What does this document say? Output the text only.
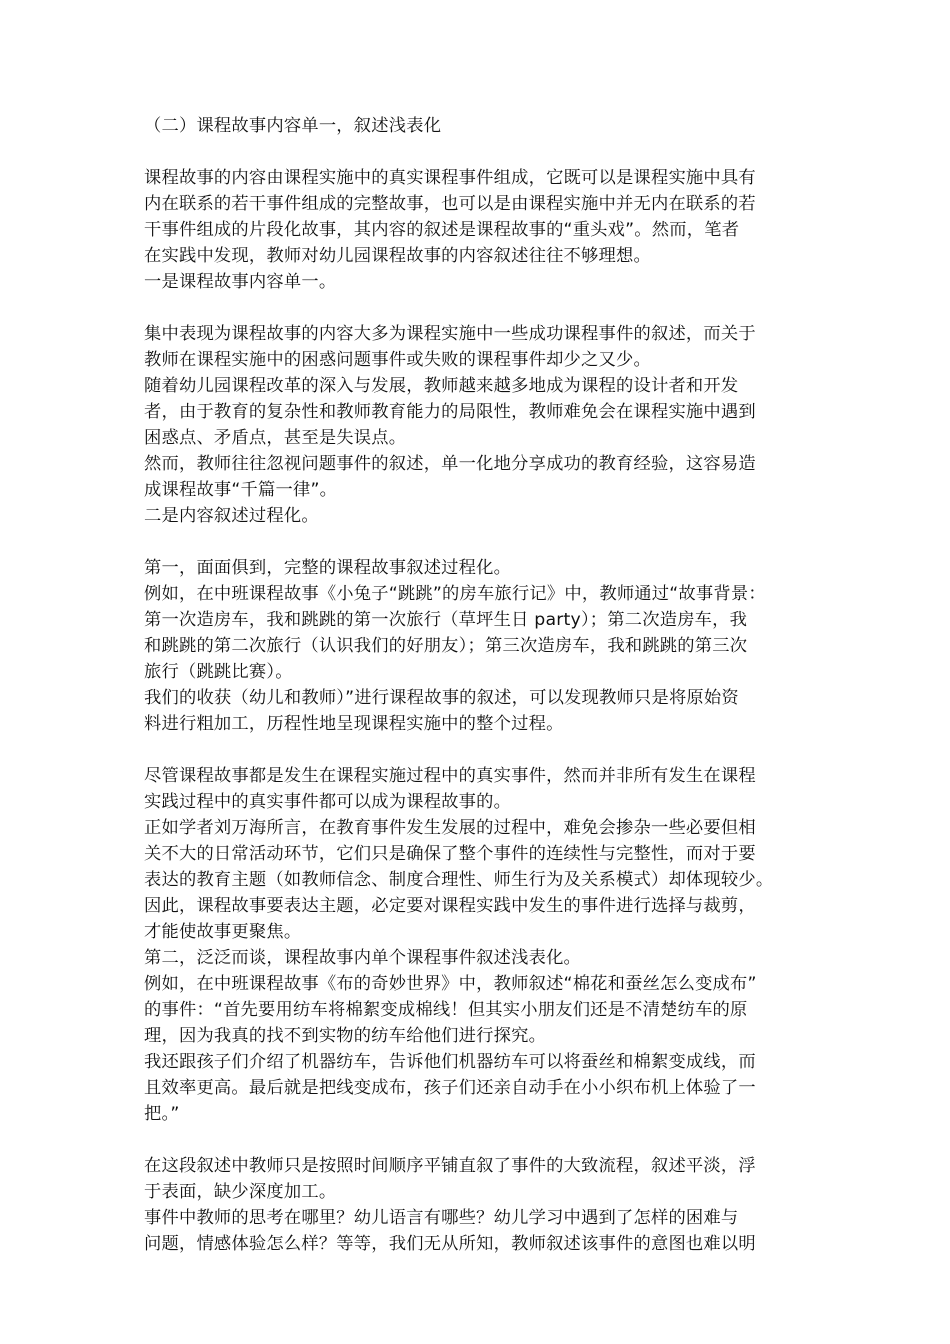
（二）课程故事内容单一，叙述浅表化
课程故事的内容由课程实施中的真实课程事件组成，它既可以是课程实施中具有
内在联系的若干事件组成的完整故事，也可以是由课程实施中并无内在联系的若
干事件组成的片段化故事，其内容的叙述是课程故事的“重头戏”。然而，笔者
在实践中发现，教师对幼儿园课程故事的内容叙述往往不够理想。
一是课程故事内容单一。
集中表现为课程故事的内容大多为课程实施中一些成功课程事件的叙述，而关于
教师在课程实施中的困惑问题事件或失败的课程事件却少之又少。
随着幼儿园课程改革的深入与发展，教师越来越多地成为课程的设计者和开发
者，由于教育的复杂性和教师教育能力的局限性，教师难免会在课程实施中遇到
困惑点、矛盾点，甚至是失误点。
然而，教师往往忽视问题事件的叙述，单一化地分享成功的教育经验，这容易造
成课程故事“千篇一律”。
二是内容叙述过程化。
第一，面面俱到，完整的课程故事叙述过程化。
例如，在中班课程故事《小兔子“跳跳”的房车旅行记》中，教师通过“故事背景：
第一次造房车，我和跳跳的第一次旅行（草坪生日 party）；第二次造房车，我
和跳跳的第二次旅行（认识我们的好朋友）；第三次造房车，我和跳跳的第三次
旅行（跳跳比赛）。
我们的收获（幼儿和教师）”进行课程故事的叙述，可以发现教师只是将原始资
料进行粗加工，历程性地呈现课程实施中的整个过程。
尽管课程故事都是发生在课程实施过程中的真实事件，然而并非所有发生在课程
实践过程中的真实事件都可以成为课程故事的。
正如学者刘万海所言，在教育事件发生发展的过程中，难免会掺杂一些必要但相
关不大的日常活动环节，它们只是确保了整个事件的连续性与完整性，而对于要
表达的教育主题（如教师信念、制度合理性、师生行为及关系模式）却体现较少。
因此，课程故事要表达主题，必定要对课程实践中发生的事件进行选择与裁剪，
才能使故事更聚焦。
第二，泛泛而谈，课程故事内单个课程事件叙述浅表化。
例如，在中班课程故事《布的奇妙世界》中，教师叙述“棉花和蚕丝怎么变成布”
的事件：“首先要用纺车将棉絮变成棉线！但其实小朋友们还是不清楚纺车的原
理，因为我真的找不到实物的纺车给他们进行探究。
我还跟孩子们介绍了机器纺车，告诉他们机器纺车可以将蚕丝和棉絮变成线，而
且效率更高。最后就是把线变成布，孩子们还亲自动手在小小织布机上体验了一
把。”
在这段叙述中教师只是按照时间顺序平铺直叙了事件的大致流程，叙述平淡，浮
于表面，缺少深度加工。
事件中教师的思考在哪里？幼儿语言有哪些？幼儿学习中遇到了怎样的困难与
问题，情感体验怎么样？等等，我们无从所知，教师叙述该事件的意图也难以明
